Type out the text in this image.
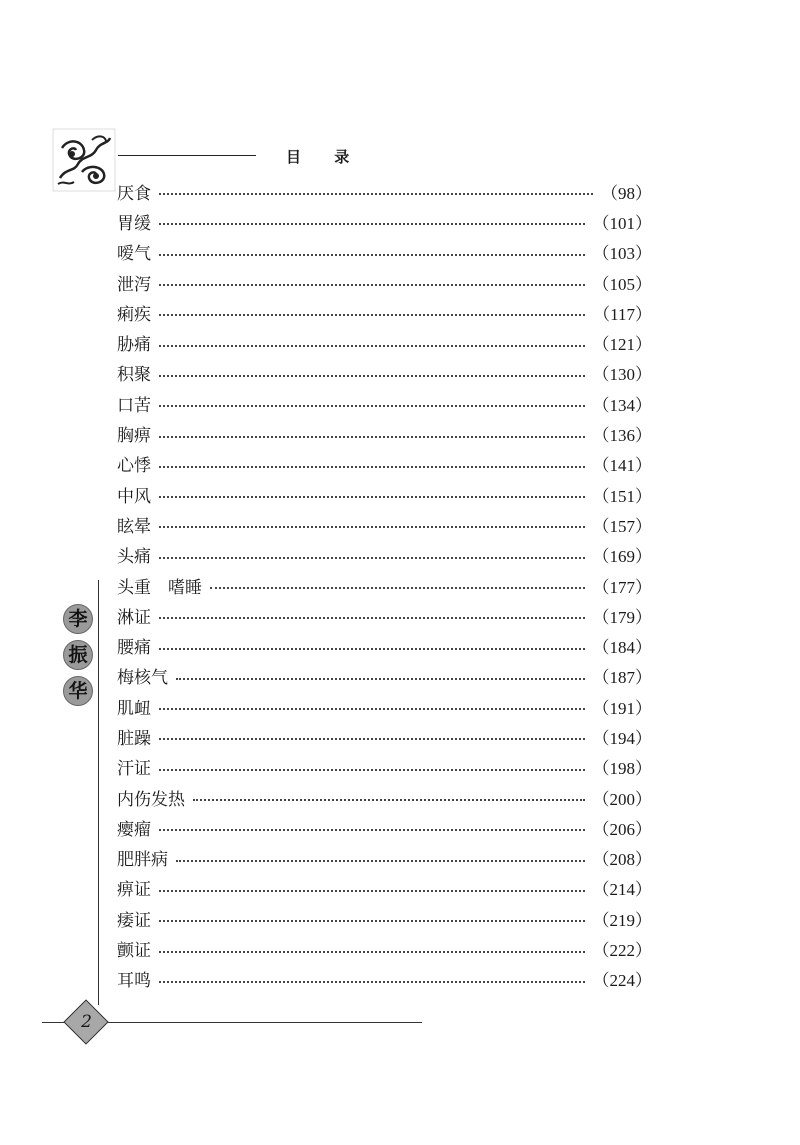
目 录
厌食	（98）
胃缓	（101）
嗳气	（103）
泄泻	（105）
痢疾	（117）
胁痛	（121）
积聚	（130）
口苦	（134）
胸痹	（136）
心悸	（141）
中风	（151）
眩晕	（157）
头痛	（169）
头重　嗜睡	（177）
淋证	（179）
腰痛	（184）
梅核气	（187）
肌衄	（191）
脏躁	（194）
汗证	（198）
内伤发热	（200）
瘿瘤	（206）
肥胖病	（208）
痹证	（214）
痿证	（219）
颤证	（222）
耳鸣	（224）
李
振
华
2
